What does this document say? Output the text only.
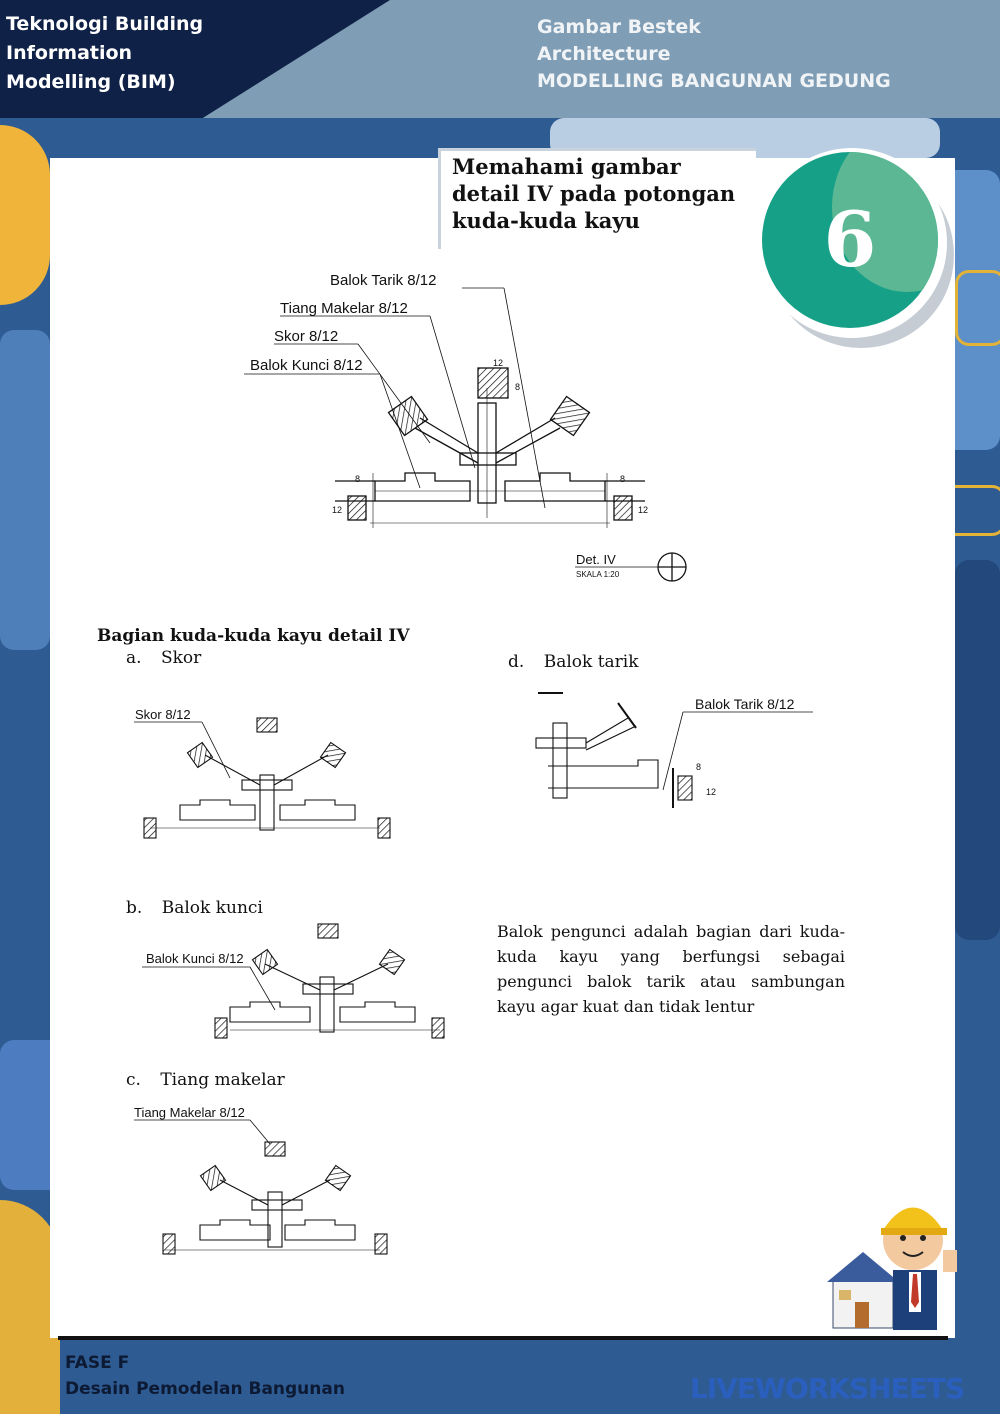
Teknologi Building
Information
Modelling (BIM)
Gambar Bestek
Architecture
MODELLING BANGUNAN GEDUNG
Memahami gambar detail IV pada potongan kuda-kuda kayu	6
Balok Tarik 8/12
Tiang Makelar 8/12
Skor 8/12
Balok Kunci 8/12
8
12
8
12
8
12
Det. IV
SKALA 1:20
Bagian kuda-kuda kayu detail IV
a. Skor
b. Balok kunci
c. Tiang makelar
d. Balok tarik
Skor 8/12
Balok Kunci 8/12
Tiang Makelar 8/12
Balok Tarik 8/12
8
12
Balok pengunci adalah bagian dari kuda-kuda kayu yang berfungsi sebagai pengunci balok tarik atau sambungan kayu agar kuat dan tidak lentur
FASE F
Desain Pemodelan Bangunan	LIVEWORKSHEETS
